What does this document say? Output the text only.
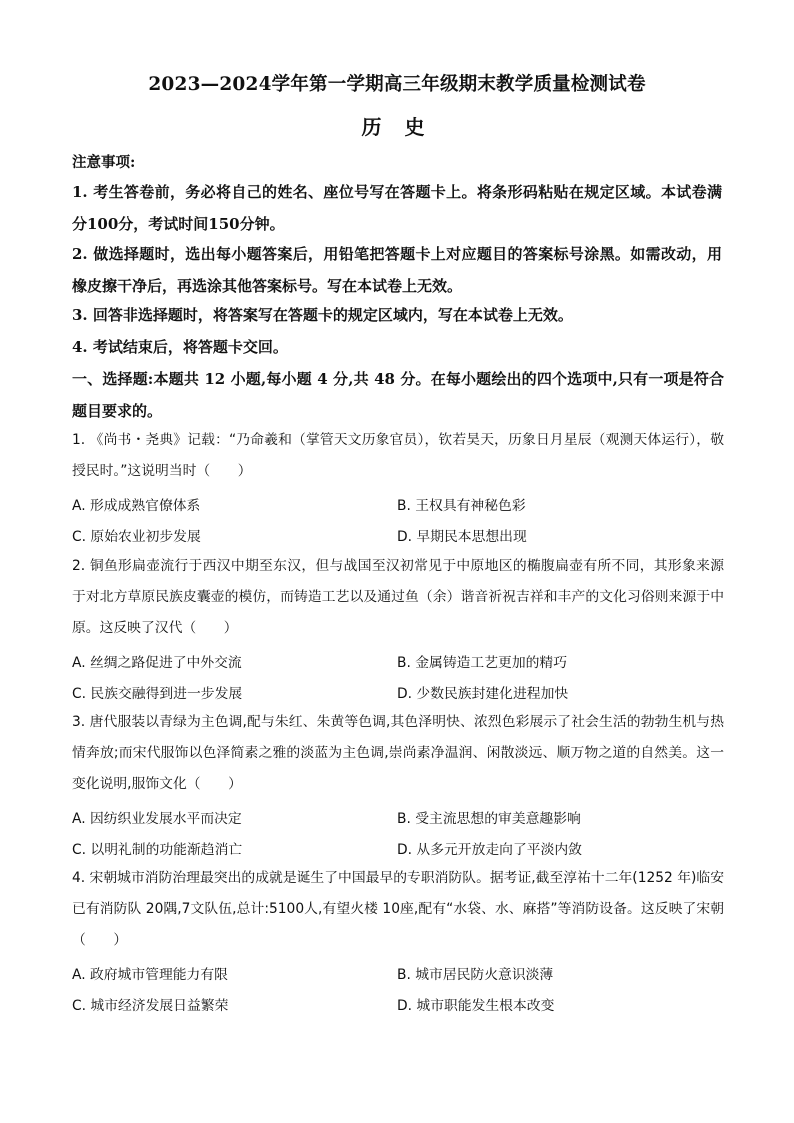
2023—2024学年第一学期高三年级期末教学质量检测试卷
历 史
注意事项:
1. 考生答卷前，务必将自己的姓名、座位号写在答题卡上。将条形码粘贴在规定区域。本试卷满分100分，考试时间150分钟。
2. 做选择题时，选出每小题答案后，用铅笔把答题卡上对应题目的答案标号涂黑。如需改动，用橡皮擦干净后，再选涂其他答案标号。写在本试卷上无效。
3. 回答非选择题时，将答案写在答题卡的规定区域内，写在本试卷上无效。
4. 考试结束后，将答题卡交回。
一、选择题:本题共 12 小题,每小题 4 分,共 48 分。在每小题绘出的四个选项中,只有一项是符合题目要求的。
1. 《尚书・尧典》记载：“乃命羲和（掌管天文历象官员），钦若昊天，历象日月星辰（观测天体运行），敬授民时。”这说明当时（　　）
A. 形成成熟官僚体系	B. 王权具有神秘色彩
C. 原始农业初步发展	D. 早期民本思想出现
2. 铜鱼形扁壶流行于西汉中期至东汉，但与战国至汉初常见于中原地区的椭腹扁壶有所不同，其形象来源于对北方草原民族皮囊壶的模仿，而铸造工艺以及通过鱼（余）谐音祈祝吉祥和丰产的文化习俗则来源于中原。这反映了汉代（　　）
A. 丝绸之路促进了中外交流	B. 金属铸造工艺更加的精巧
C. 民族交融得到进一步发展	D. 少数民族封建化进程加快
3. 唐代服装以青绿为主色调,配与朱红、朱黄等色调,其色泽明快、浓烈色彩展示了社会生活的勃勃生机与热情奔放;而宋代服饰以色泽简素之雅的淡蓝为主色调,崇尚素净温润、闲散淡远、顺万物之道的自然美。这一变化说明,服饰文化（　　）
A. 因纺织业发展水平而决定	B. 受主流思想的审美意趣影响
C. 以明礼制的功能渐趋消亡	D. 从多元开放走向了平淡内敛
4. 宋朝城市消防治理最突出的成就是诞生了中国最早的专职消防队。据考证,截至淳祐十二年(1252 年)临安已有消防队 20隅,7文队伍,总计:5100人,有望火楼 10座,配有“水袋、水、麻搭”等消防设备。这反映了宋朝（　　）
A. 政府城市管理能力有限	B. 城市居民防火意识淡薄
C. 城市经济发展日益繁荣	D. 城市职能发生根本改变
